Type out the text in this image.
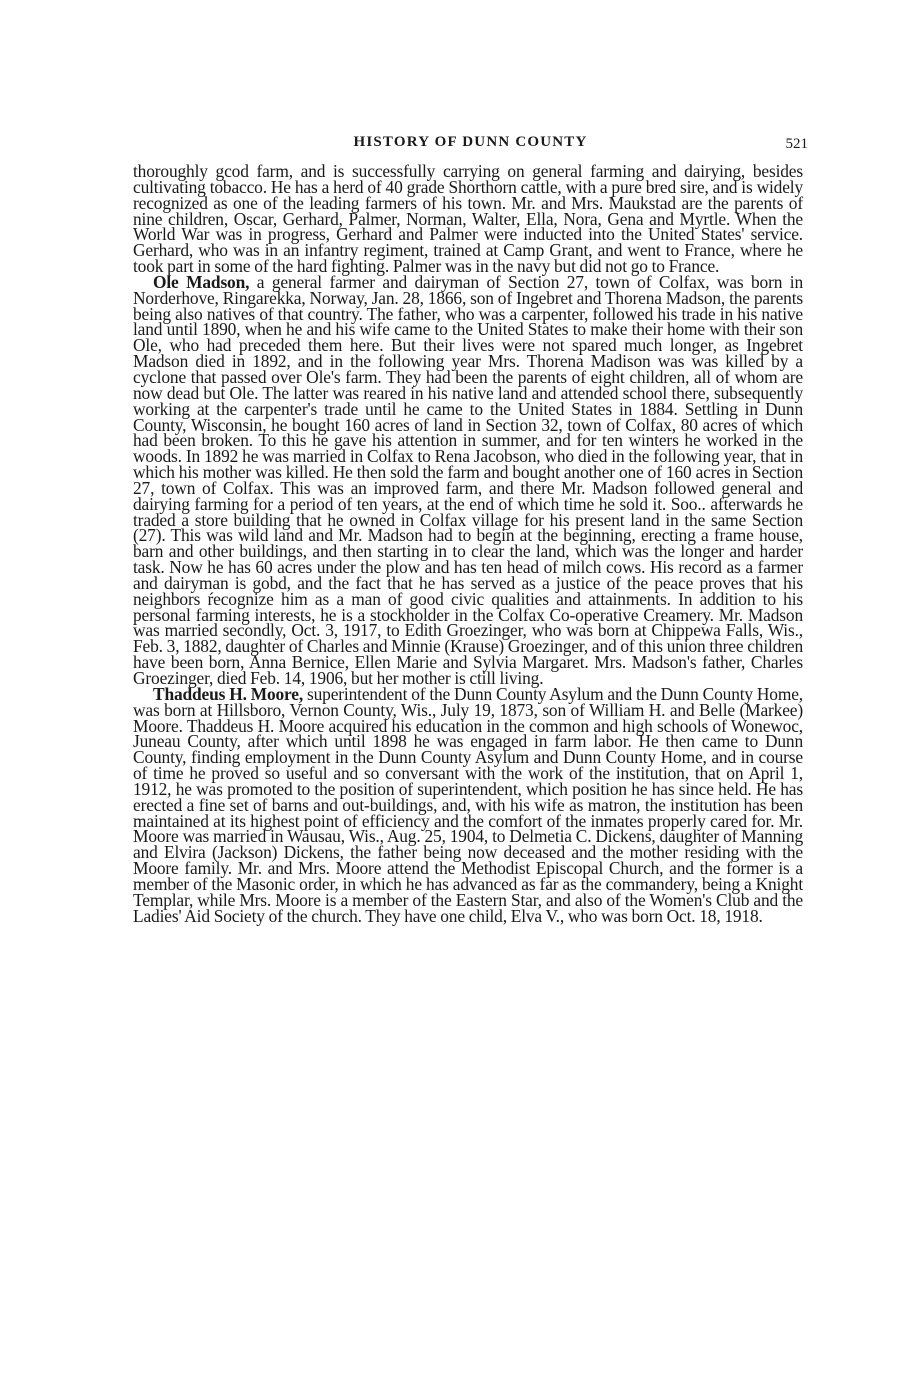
HISTORY OF DUNN COUNTY	521

thoroughly gcod farm, and is successfully carrying on general farming and dairying, besides cultivating tobacco. He has a herd of 40 grade Shorthorn cattle, with a pure bred sire, and is widely recognized as one of the leading farmers of his town. Mr. and Mrs. Maukstad are the parents of nine children, Oscar, Gerhard, Palmer, Norman, Walter, Ella, Nora, Gena and Myrtle. When the World War was in progress, Gerhard and Palmer were inducted into the United States' service. Gerhard, who was in an infantry regiment, trained at Camp Grant, and went to France, where he took part in some of the hard fighting. Palmer was in the navy but did not go to France.

Ole Madson, a general farmer and dairyman of Section 27, town of Colfax, was born in Norderhove, Ringarekka, Norway, Jan. 28, 1866, son of Ingebret and Thorena Madson, the parents being also natives of that country. The father, who was a carpenter, followed his trade in his native land until 1890, when he and his wife came to the United States to make their home with their son Ole, who had preceded them here. But their lives were not spared much longer, as Ingebret Madson died in 1892, and in the following year Mrs. Thorena Madison was was killed by a cyclone that passed over Ole's farm. They had been the parents of eight children, all of whom are now dead but Ole. The latter was reared in his native land and attended school there, subsequently working at the carpenter's trade until he came to the United States in 1884. Settling in Dunn County, Wisconsin, he bought 160 acres of land in Section 32, town of Colfax, 80 acres of which had been broken. To this he gave his attention in summer, and for ten winters he worked in the woods. In 1892 he was married in Colfax to Rena Jacobson, who died in the following year, that in which his mother was killed. He then sold the farm and bought another one of 160 acres in Section 27, town of Colfax. This was an improved farm, and there Mr. Madson followed general and dairying farming for a period of ten years, at the end of which time he sold it. Soo.. afterwards he traded a store building that he owned in Colfax village for his present land in the same Section (27). This was wild land and Mr. Madson had to begin at the beginning, erecting a frame house, barn and other buildings, and then starting in to clear the land, which was the longer and harder task. Now he has 60 acres under the plow and has ten head of milch cows. His record as a farmer and dairyman is gobd, and the fact that he has served as a justice of the peace proves that his neighbors ŕecognize him as a man of good civic qualities and attainments. In addition to his personal farming interests, he is a stockholder in the Colfax Co-operative Creamery. Mr. Madson was married secondly, Oct. 3, 1917, to Edith Groezinger, who was born at Chippewa Falls, Wis., Feb. 3, 1882, daughter of Charles and Minnie (Krause) Groezinger, and of this union three children have been born, Anna Bernice, Ellen Marie and Sylvia Margaret. Mrs. Madson's father, Charles Groezinger, died Feb. 14, 1906, but her mother is ctill living.

Thaddeus H. Moore, superintendent of the Dunn County Asylum and the Dunn County Home, was born at Hillsboro, Vernon County, Wis., July 19, 1873, son of William H. and Belle (Markee) Moore. Thaddeus H. Moore acquired his education in the common and high schools of Wonewoc, Juneau County, after which until 1898 he was engaged in farm labor. He then came to Dunn County, finding employment in the Dunn County Asylum and Dunn County Home, and in course of time he proved so useful and so conversant with the work of the institution, that on April 1, 1912, he was promoted to the position of superintendent, which position he has since held. He has erected a fine set of barns and out-buildings, and, with his wife as matron, the institution has been maintained at its highest point of efficiency and the comfort of the inmates properly cared for. Mr. Moore was married in Wausau, Wis., Aug. 25, 1904, to Delmetia C. Dickens, daughter of Manning and Elvira (Jackson) Dickens, the father being now deceased and the mother residing with the Moore family. Mr. and Mrs. Moore attend the Methodist Episcopal Church, and the former is a member of the Masonic order, in which he has advanced as far as the commandery, being a Knight Templar, while Mrs. Moore is a member of the Eastern Star, and also of the Women's Club and the Ladies' Aid Society of the church. They have one child, Elva V., who was born Oct. 18, 1918.
